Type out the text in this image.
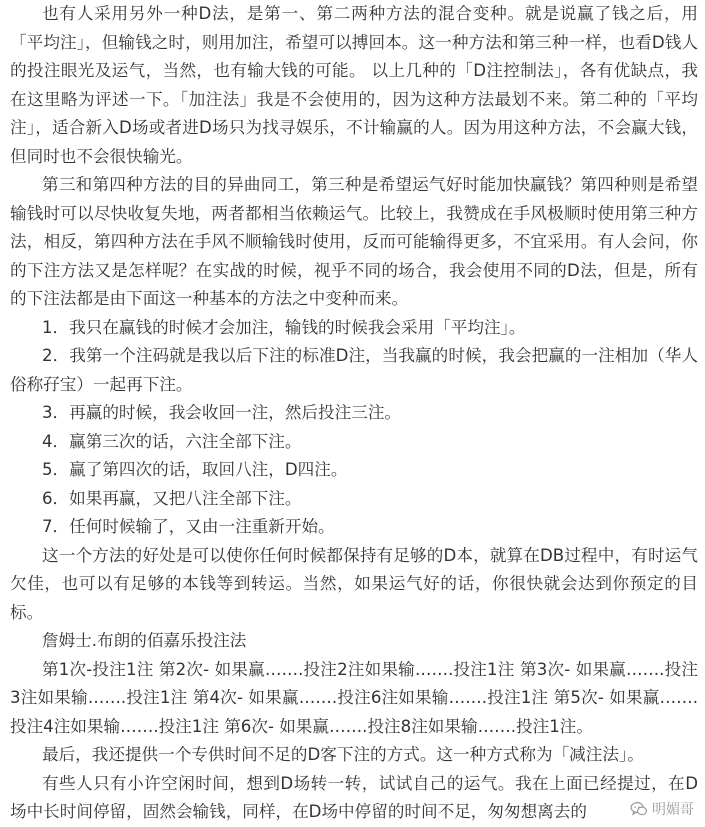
也有人采用另外一种D法，是第一、第二两种方法的混合变种。就是说赢了钱之后，用「平均注」，但输钱之时，则用加注，希望可以搏回本。这一种方法和第三种一样，也看D钱人的投注眼光及运气，当然，也有输大钱的可能。 以上几种的「D注控制法」，各有优缺点，我在这里略为评述一下。「加注法」我是不会使用的，因为这种方法最划不来。第二种的「平均注」，适合新入D场或者进D场只为找寻娱乐，不计输赢的人。因为用这种方法，不会赢大钱，但同时也不会很快输光。

第三和第四种方法的目的异曲同工，第三种是希望运气好时能加快赢钱？第四种则是希望输钱时可以尽快收复失地，两者都相当依赖运气。比较上，我赞成在手风极顺时使用第三种方法，相反，第四种方法在手风不顺输钱时使用，反而可能输得更多，不宜采用。有人会问，你的下注方法又是怎样呢？在实战的时候，视乎不同的场合，我会使用不同的D法，但是，所有的下注法都是由下面这一种基本的方法之中变种而来。

1．我只在赢钱的时候才会加注，输钱的时候我会采用「平均注」。

2．我第一个注码就是我以后下注的标准D注，当我赢的时候，我会把赢的一注相加（华人俗称孖宝）一起再下注。

3．再赢的时候，我会收回一注，然后投注三注。

4．赢第三次的话，六注全部下注。

5．赢了第四次的话，取回八注，D四注。

6．如果再赢，又把八注全部下注。

7．任何时候输了，又由一注重新开始。

这一个方法的好处是可以使你任何时候都保持有足够的D本，就算在DB过程中，有时运气欠佳，也可以有足够的本钱等到转运。当然，如果运气好的话，你很快就会达到你预定的目标。

詹姆士.布朗的佰嘉乐投注法

第1次-投注1注 第2次- 如果赢…….投注2注如果输…….投注1注 第3次- 如果赢…….投注3注如果输…….投注1注 第4次- 如果赢…….投注6注如果输…….投注1注 第5次- 如果赢…….投注4注如果输…….投注1注 第6次- 如果赢…….投注8注如果输…….投注1注。

最后，我还提供一个专供时间不足的D客下注的方式。这一种方式称为「减注法」。

有些人只有小许空闲时间，想到D场转一转，试试自己的运气。我在上面已经提过，在D场中长时间停留，固然会输钱，同样，在D场中停留的时间不足，匆匆想离去的	明媚哥
